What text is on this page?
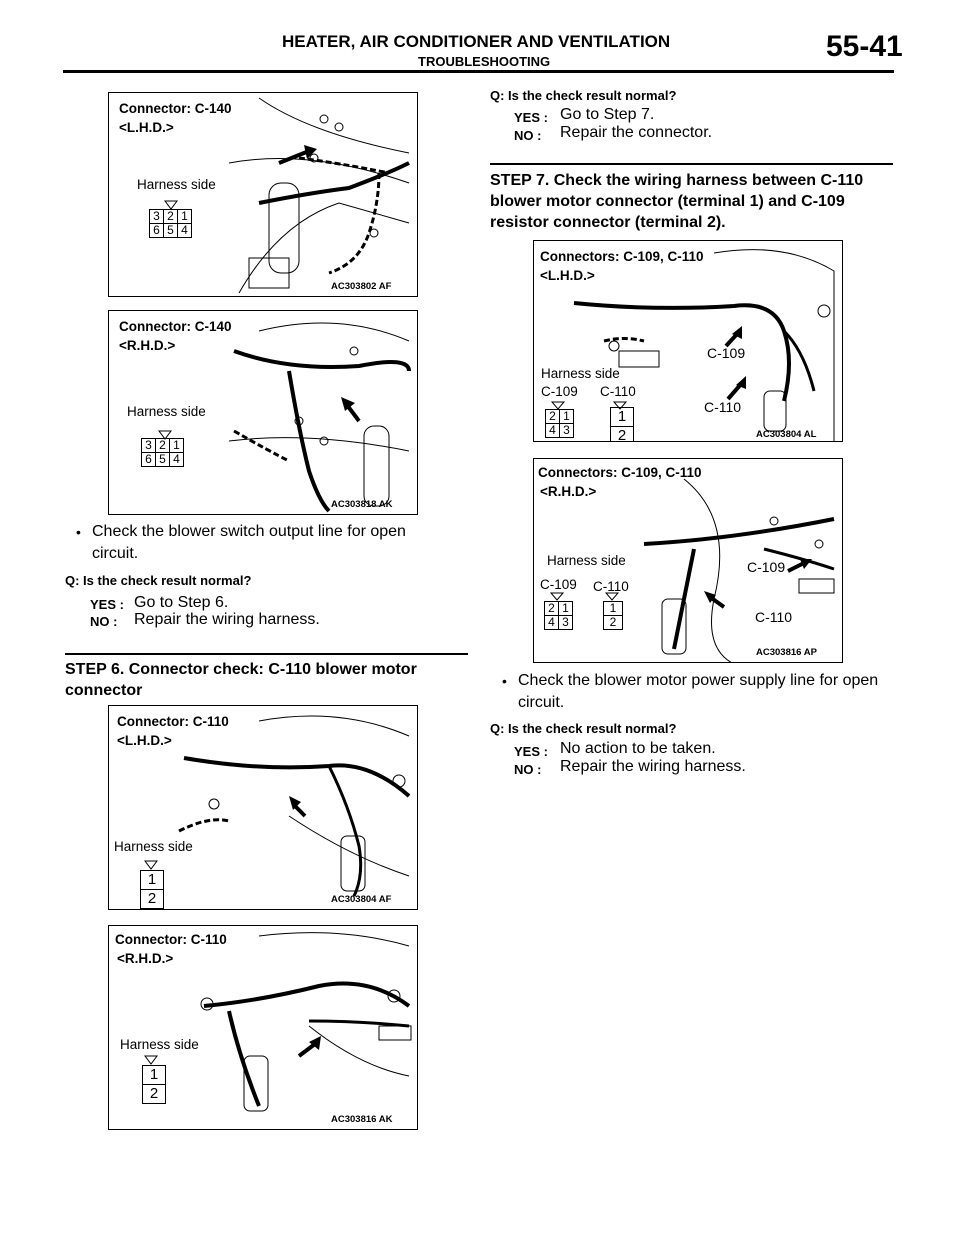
HEATER, AIR CONDITIONER AND VENTILATION
TROUBLESHOOTING	55-41
Connector: C-140
<L.H.D.>
Harness side
3	2	1
6	5	4
AC303802 AF
Connector: C-140
<R.H.D.>
Harness side
3	2	1
6	5	4
AC303818 AK
• Check the blower switch output line for open circuit.
Q: Is the check result normal?
YES : Go to Step 6.
NO : Repair the wiring harness.
STEP 6. Connector check: C-110 blower motor connector
Connector: C-110
<L.H.D.>
Harness side
1
2	AC303804 AF
Connector: C-110
<R.H.D.>
Harness side
1
2
AC303816 AK
Q: Is the check result normal?
YES : Go to Step 7.
NO : Repair the connector.
STEP 7. Check the wiring harness between C-110 blower motor connector (terminal 1) and C-109 resistor connector (terminal 2).
Connectors: C-109, C-110
<L.H.D.>
Harness side
C-109 C-110
2	1
4	3
1
2
C-109
C-110
AC303804 AL
Connectors: C-109, C-110
<R.H.D.>
Harness side
C-109 C-110
2	1
4	3
1
2
C-109
C-110
AC303816 AP
• Check the blower motor power supply line for open circuit.
Q: Is the check result normal?
YES : No action to be taken.
NO : Repair the wiring harness.
